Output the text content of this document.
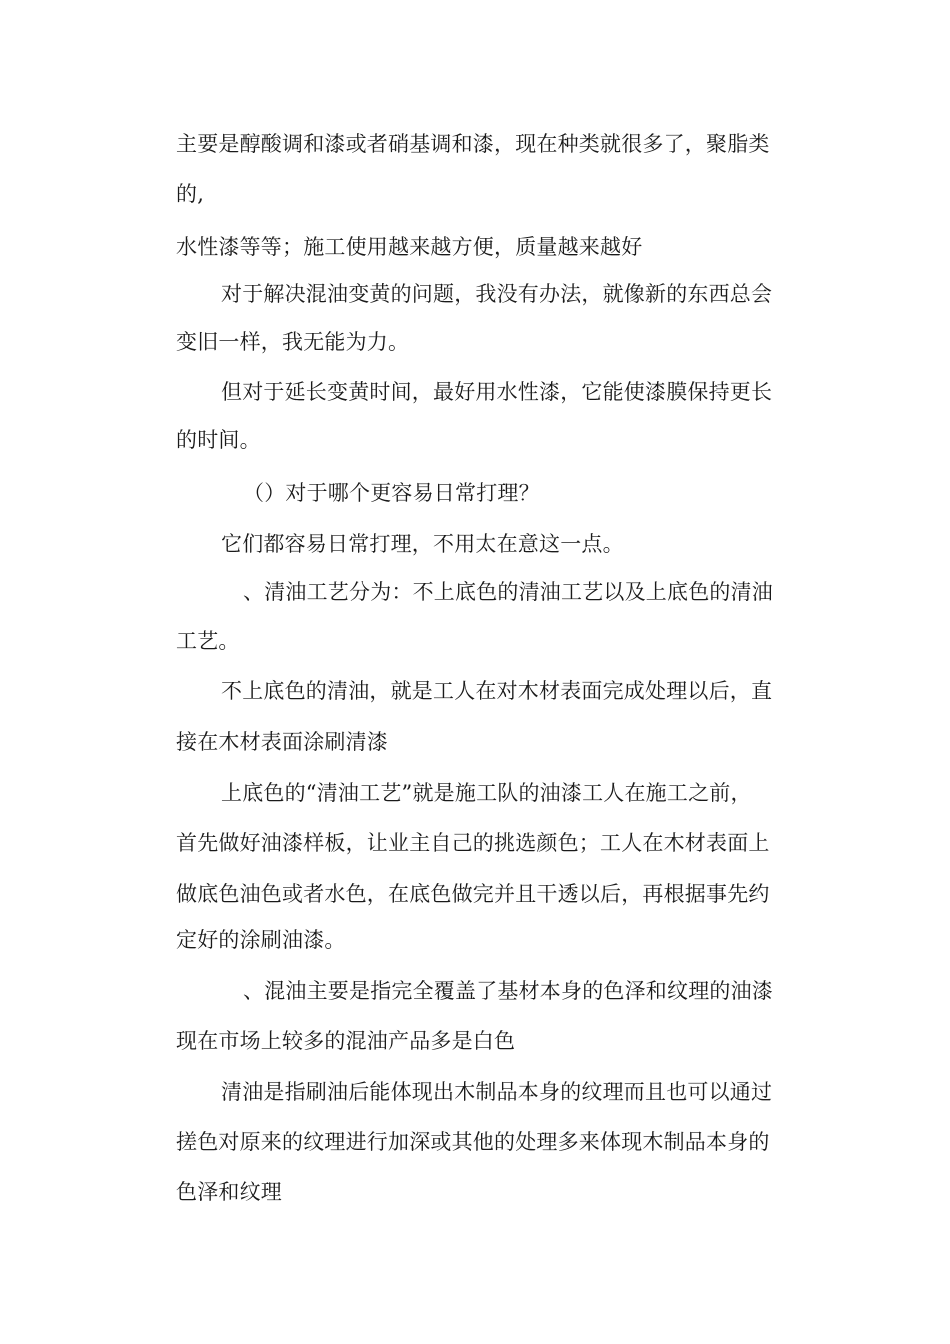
主要是醇酸调和漆或者硝基调和漆，现在种类就很多了，聚脂类
的,
水性漆等等；施工使用越来越方便，质量越来越好
对于解决混油变黄的问题，我没有办法，就像新的东西总会
变旧一样，我无能为力。
但对于延长变黄时间，最好用水性漆，它能使漆膜保持更长
的时间。
（）对于哪个更容易日常打理？
它们都容易日常打理，不用太在意这一点。
、清油工艺分为：不上底色的清油工艺以及上底色的清油
工艺。
不上底色的清油，就是工人在对木材表面完成处理以后，直
接在木材表面涂刷清漆
上底色的“清油工艺”就是施工队的油漆工人在施工之前，
首先做好油漆样板，让业主自己的挑选颜色；工人在木材表面上
做底色油色或者水色，在底色做完并且干透以后，再根据事先约
定好的涂刷油漆。
、混油主要是指完全覆盖了基材本身的色泽和纹理的油漆
现在市场上较多的混油产品多是白色
清油是指刷油后能体现出木制品本身的纹理而且也可以通过
搓色对原来的纹理进行加深或其他的处理多来体现木制品本身的
色泽和纹理
